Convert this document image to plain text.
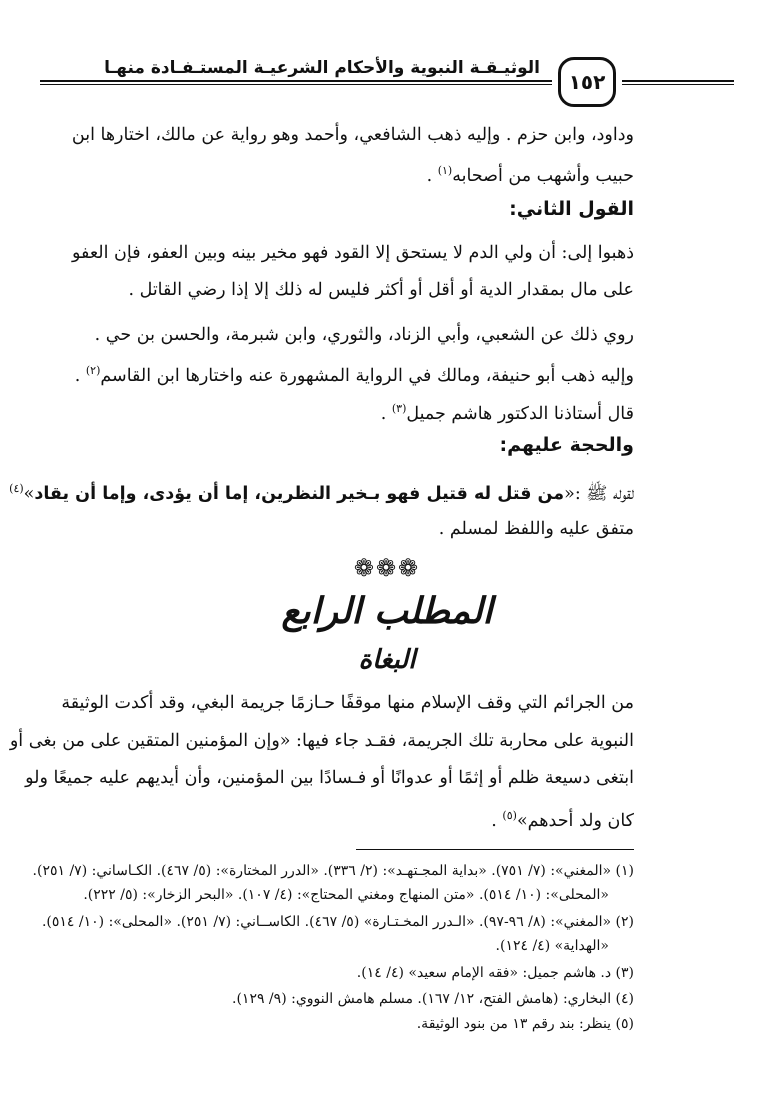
الوثيـقـة النبوية والأحكام الشرعيـة المستـفـادة منهـا
١٥٢
وداود، وابن حزم . وإليه ذهب الشافعي، وأحمد وهو رواية عن مالك، اختارها ابن
حبيب وأشهب من أصحابه$^{(١)}$ .
القول الثاني:
ذهبوا إلى: أن ولي الدم لا يستحق إلا القود فهو مخير بينه وبين العفو، فإن العفو
على مال بمقدار الدية أو أقل أو أكثر فليس له ذلك إلا إذا رضي القاتل .
روي ذلك عن الشعبي، وأبي الزناد، والثوري، وابن شبرمة، والحسن بن حي .
وإليه ذهب أبو حنيفة، ومالك في الرواية المشهورة عنه واختارها ابن القاسم$^{(٢)}$ .
قال أستاذنا الدكتور هاشم جميل$^{(٣)}$ .
والحجة عليهم:
لقوله ﷺ :«من قتل له قتيل فهو بـخير النظرين، إما أن يؤدى، وإما أن يقاد»$^{(٤)}$
متفق عليه واللفظ لمسلم .
❁❁❁
المطلب الرابع
البغاة
من الجرائم التي وقف الإسلام منها موقفًا حـازمًا جريمة البغي، وقد أكدت الوثيقة
النبوية على محاربة تلك الجريمة، فقـد جاء فيها: «وإن المؤمنين المتقين على من بغى أو
ابتغى دسيعة ظلم أو إثمًا أو عدوانًا أو فـسادًا بين المؤمنين، وأن أيديهم عليه جميعًا ولو
كان ولد أحدهم»$^{(٥)}$ .
(١) «المغني»: (٧/ ٧٥١). «بداية المجـتهـد»: (٢/ ٣٣٦). «الدرر المختارة»: (٥/ ٤٦٧). الكـاساني: (٧/ ٢٥١).
«المحلى»: (١٠/ ٥١٤). «متن المنهاج ومغني المحتاج»: (٤/ ١٠٧). «البحر الزخار»: (٥/ ٢٢٢).
(٢) «المغني»: (٨/ ٩٦-٩٧). «الـدرر المخـتـارة» (٥/ ٤٦٧). الكاســاني: (٧/ ٢٥١). «المحلى»: (١٠/ ٥١٤).
«الهداية» (٤/ ١٢٤).
(٣) د. هاشم جميل: «فقه الإمام سعيد» (٤/ ١٤).
(٤) البخاري: (هامش الفتح، ١٢/ ١٦٧). مسلم هامش النووي: (٩/ ١٢٩).
(٥) ينظر: بند رقم ١٣ من بنود الوثيقة.
